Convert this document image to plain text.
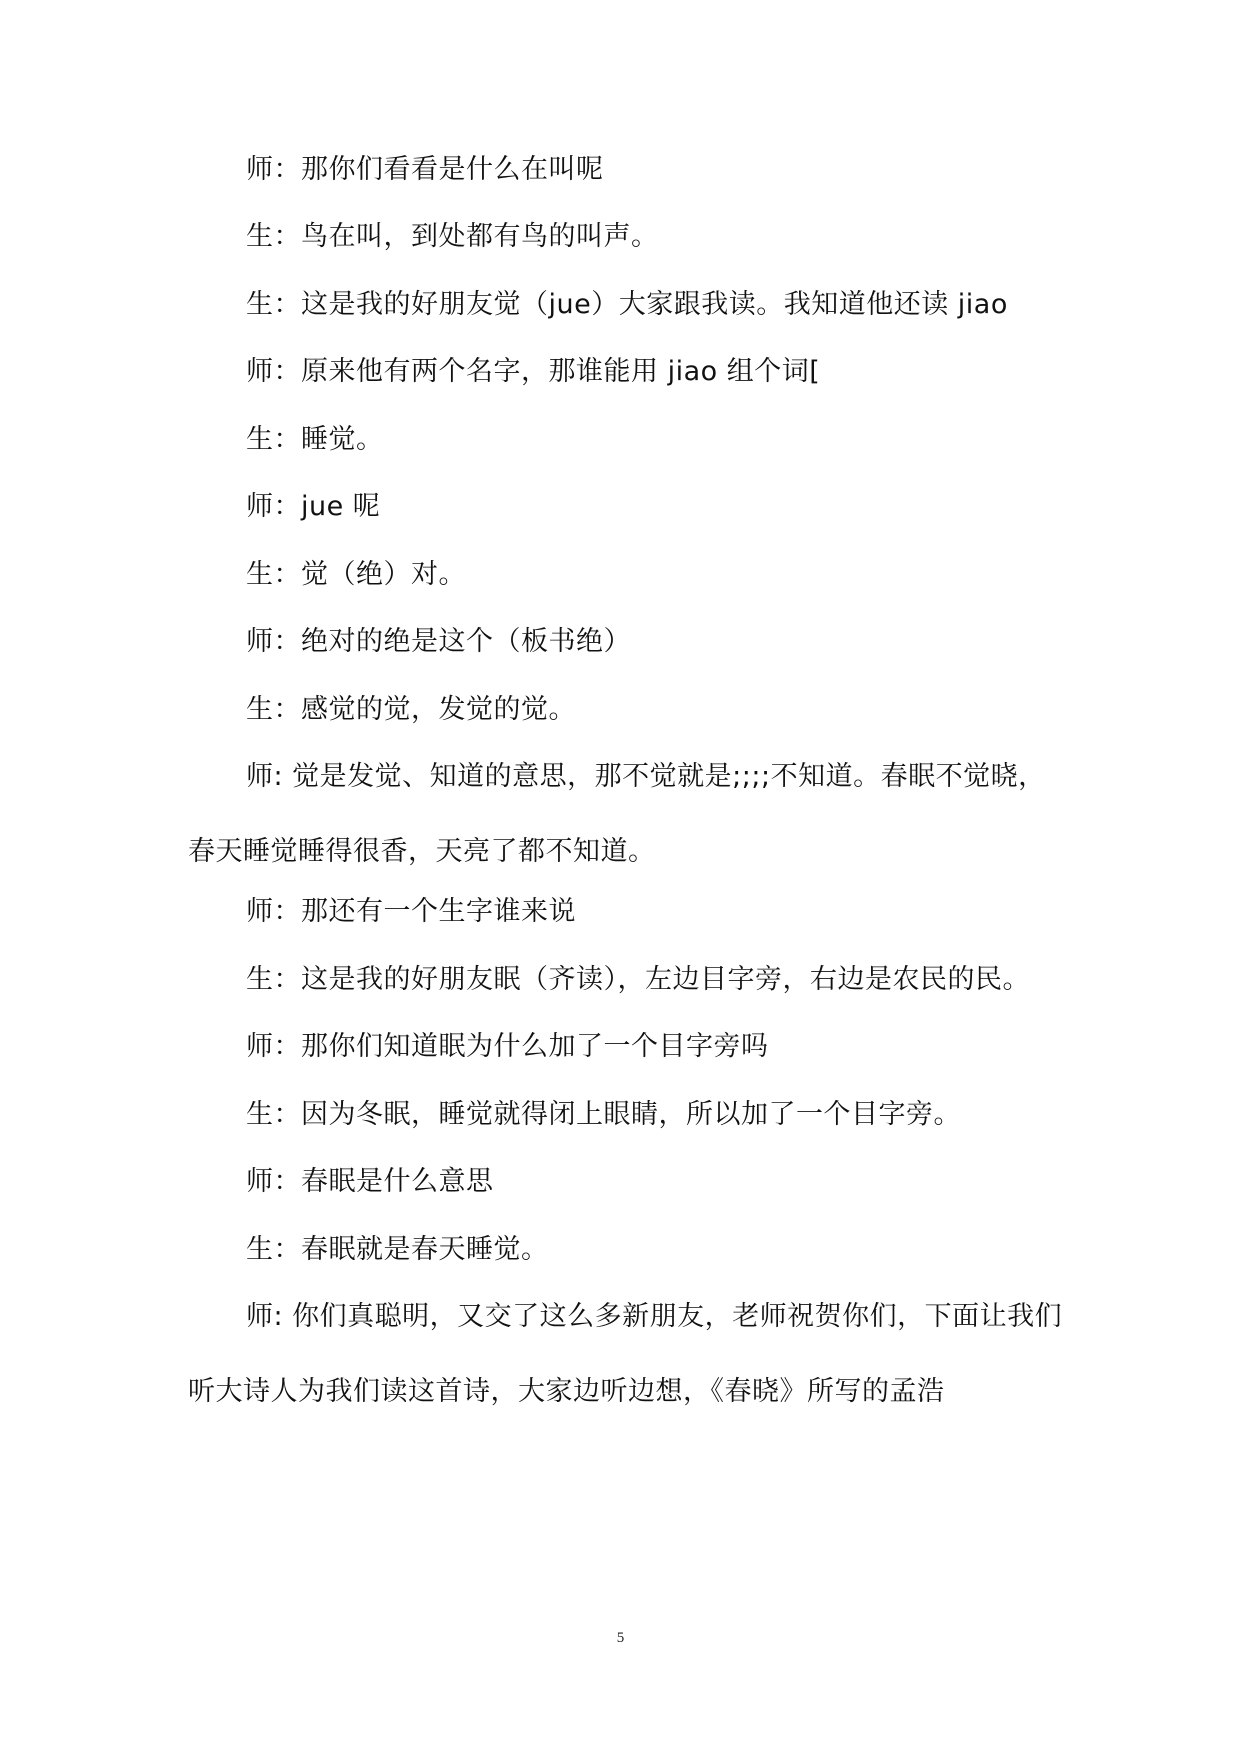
师：那你们看看是什么在叫呢

生：鸟在叫，到处都有鸟的叫声。

生：这是我的好朋友觉（jue）大家跟我读。我知道他还读 jiao

师：原来他有两个名字，那谁能用 jiao 组个词[

生：睡觉。

师：jue 呢

生：觉（绝）对。

师：绝对的绝是这个（板书绝）

生：感觉的觉，发觉的觉。

师: 觉是发觉、知道的意思，那不觉就是;;;;不知道。春眠不觉晓，春天睡觉睡得很香，天亮了都不知道。

师：那还有一个生字谁来说

生：这是我的好朋友眠（齐读），左边目字旁，右边是农民的民。

师：那你们知道眠为什么加了一个目字旁吗

生：因为冬眠，睡觉就得闭上眼睛，所以加了一个目字旁。

师：春眠是什么意思

生：春眠就是春天睡觉。

师: 你们真聪明，又交了这么多新朋友，老师祝贺你们，下面让我们听大诗人为我们读这首诗，大家边听边想，《春晓》所写的孟浩

5
